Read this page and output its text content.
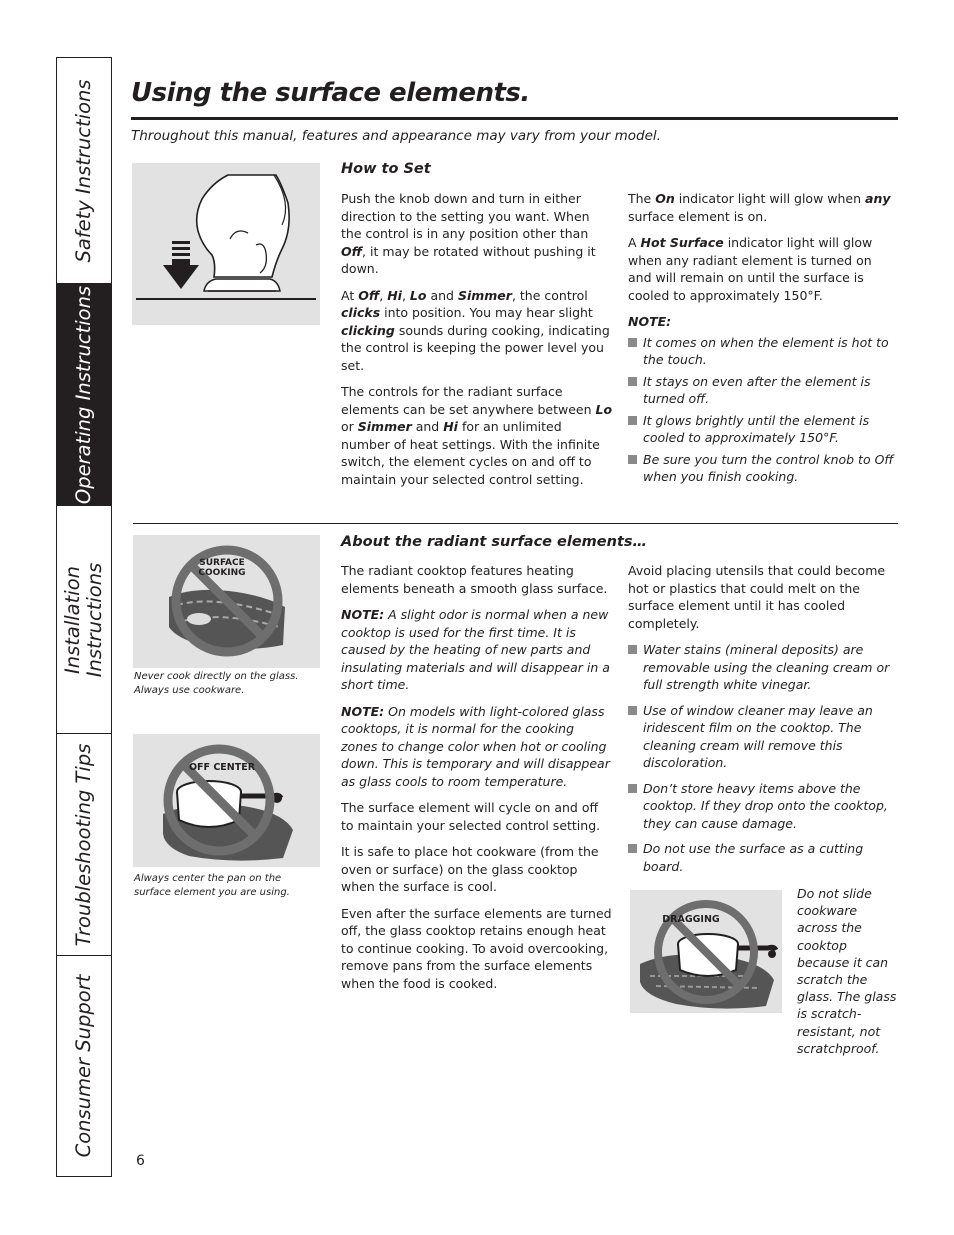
Safety Instructions
Operating Instructions
Installation
Instructions
Troubleshooting Tips
Consumer Support
Using the surface elements.
Throughout this manual, features and appearance may vary from your model.
How to Set

Push the knob down and turn in either direction to the setting you want. When the control is in any position other than Off, it may be rotated without pushing it down.

At Off, Hi, Lo and Simmer, the control clicks into position. You may hear slight clicking sounds during cooking, indicating the control is keeping the power level you set.

The controls for the radiant surface elements can be set anywhere between Lo or Simmer and Hi for an unlimited number of heat settings. With the infinite switch, the element cycles on and off to maintain your selected control setting.

The On indicator light will glow when any surface element is on.

A Hot Surface indicator light will glow when any radiant element is turned on and will remain on until the surface is cooled to approximately 150°F.

NOTE:
It comes on when the element is hot to the touch.
It stays on even after the element is turned off.
It glows brightly until the element is cooled to approximately 150°F.
Be sure you turn the control knob to Off when you finish cooking.
SURFACE
COOKING
Never cook directly on the glass.
Always use cookware.
OFF CENTER
Always center the pan on the
surface element you are using.
About the radiant surface elements…

The radiant cooktop features heating elements beneath a smooth glass surface.

NOTE: A slight odor is normal when a new cooktop is used for the first time. It is caused by the heating of new parts and insulating materials and will disappear in a short time.

NOTE: On models with light-colored glass cooktops, it is normal for the cooking zones to change color when hot or cooling down. This is temporary and will disappear as glass cools to room temperature.

The surface element will cycle on and off to maintain your selected control setting.

It is safe to place hot cookware (from the oven or surface) on the glass cooktop when the surface is cool.

Even after the surface elements are turned off, the glass cooktop retains enough heat to continue cooking. To avoid overcooking, remove pans from the surface elements when the food is cooked.

Avoid placing utensils that could become hot or plastics that could melt on the surface element until it has cooled completely.

Water stains (mineral deposits) are removable using the cleaning cream or full strength white vinegar.
Use of window cleaner may leave an iridescent film on the cooktop. The cleaning cream will remove this discoloration.
Don’t store heavy items above the cooktop. If they drop onto the cooktop, they can cause damage.
Do not use the surface as a cutting board.
DRAGGING
Do not slide cookware across the cooktop because it can scratch the glass. The glass is scratch-resistant, not scratchproof.
6
